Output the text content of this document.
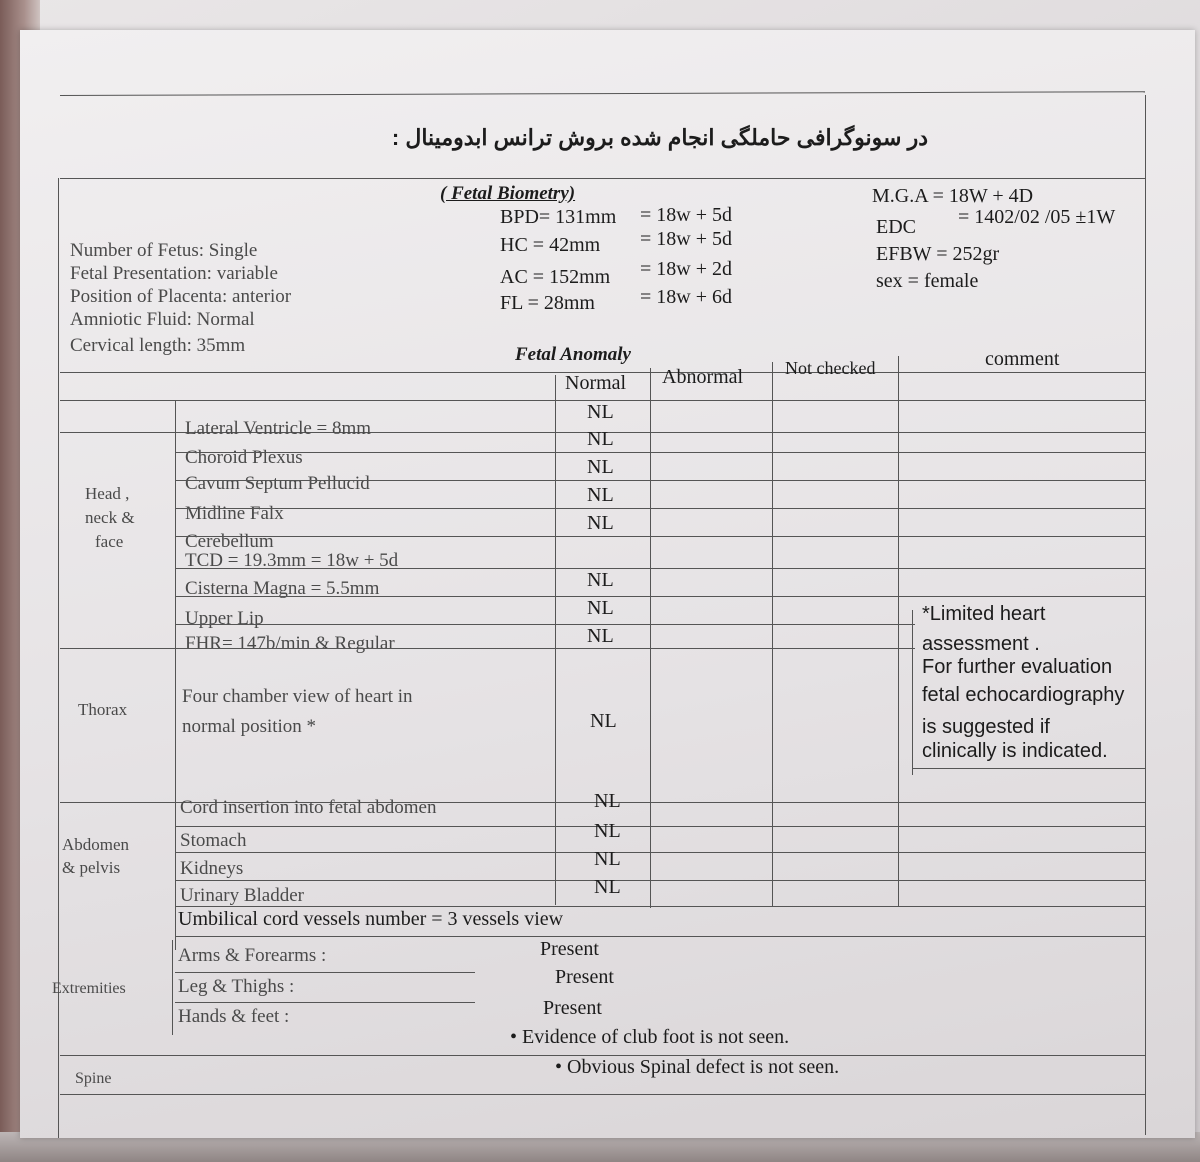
در سونوگرافی حاملگی انجام شده بروش ترانس ابدومینال :
( Fetal Biometry)
Number of Fetus: Single
Fetal Presentation: variable
Position of Placenta: anterior
Amniotic Fluid: Normal
Cervical length: 35mm
BPD= 131mm = 18w + 5d
HC = 42mm = 18w + 5d
AC = 152mm = 18w + 2d
FL = 28mm = 18w + 6d
M.G.A = 18W + 4D
EDC = 1402/02 /05 ±1W
EFBW = 252gr
sex = female
Fetal Anomaly
Normal Abnormal Not checked	comment
Lateral Ventricle = 8mm
Choroid Plexus
Cavum Septum Pellucid
Midline Falx
Cerebellum
TCD = 19.3mm = 18w + 5d
Cisterna Magna = 5.5mm
Upper Lip
FHR= 147b/min & Regular
NL
NL
NL
NL
NL
NL
NL
NL
Head ,
neck &
face
Thorax
Four chamber view of heart in
normal position *	NL
*Limited heart
assessment .
For further evaluation
fetal echocardiography
is suggested if
clinically is indicated.
Cord insertion into fetal abdomen
Stomach
Kidneys
Urinary Bladder
NL
NL
NL
NL
Abdomen
& pelvis
Umbilical cord vessels number = 3 vessels view
Arms & Forearms :
Leg & Thighs :
Hands & feet :
Present
Present
Present
Extremities
• Evidence of club foot is not seen.
Spine
• Obvious Spinal defect is not seen.
